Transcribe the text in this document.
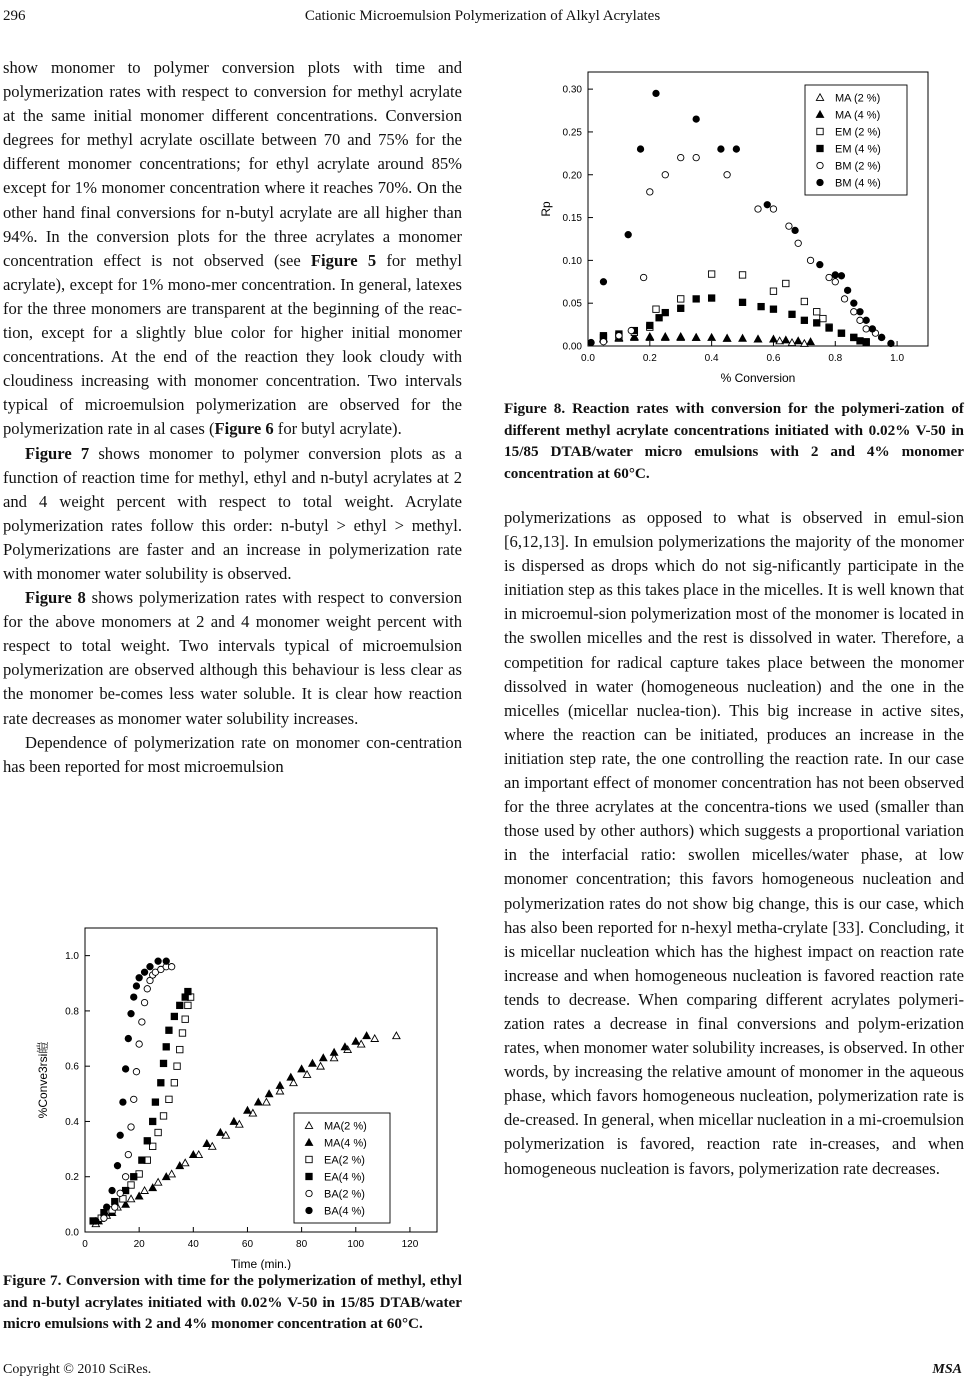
296	Cationic Microemulsion Polymerization of Alkyl Acrylates

show monomer to polymer conversion plots with time and polymerization rates with respect to conversion for methyl acrylate at the same initial monomer different concentrations. Conversion degrees for methyl acrylate oscillate between 70 and 75% for the different monomer concentrations; for ethyl acrylate around 85% except for 1% monomer concentration where it reaches 70%. On the other hand final conversions for n-butyl acrylate are all higher than 94%. In the conversion plots for the three acrylates a monomer concentration effect is not observed (see Figure 5 for methyl acrylate), except for 1% mono-mer concentration. In general, latexes for the three monomers are transparent at the beginning of the reac-tion, except for a slightly blue color for higher initial monomer concentrations. At the end of the reaction they look cloudy with cloudiness increasing with monomer concentration. Two intervals typical of microemulsion polymerization are observed for the polymerization rate in al cases (Figure 6 for butyl acrylate).

Figure 7 shows monomer to polymer conversion plots as a function of reaction time for methyl, ethyl and n-butyl acrylates at 2 and 4 weight percent with respect to total weight. Acrylate polymerization rates follow this order: n-butyl > ethyl > methyl. Polymerizations are faster and an increase in polymerization rate with monomer water solubility is observed.

Figure 8 shows polymerization rates with respect to conversion for the above monomers at 2 and 4 monomer weight percent with respect to total weight. Two intervals typical of microemulsion polymerization are observed although this behaviour is less clear as the monomer be-comes less water soluble. It is clear how reaction rate decreases as monomer water solubility increases.

Dependence of polymerization rate on monomer con-centration has been reported for most microemulsion

0	20	40	60	80	100	120
0.0
0.2
0.4
0.6
0.8
1.0
Time (min.)
%Conve3rsi皚
MA(2 %)
MA(4 %)
EA(2 %)
EA(4 %)
BA(2 %)
BA(4 %)
Figure 7. Conversion with time for the polymerization of methyl, ethyl and n-butyl acrylates initiated with 0.02% V-50 in 15/85 DTAB/water micro emulsions with 2 and 4% monomer concentration at 60°C.
0.0	0.2	0.4	0.6	0.8	1.0
0.00
0.05
0.10
0.15
0.20
0.25
0.30
% Conversion
Rp
MA (2 %)
MA (4 %)
EM (2 %)
EM (4 %)
BM (2 %)
BM (4 %)
Figure 8. Reaction rates with conversion for the polymeri-zation of different methyl acrylate concentrations initiated with 0.02% V-50 in 15/85 DTAB/water micro emulsions with 2 and 4% monomer concentration at 60°C.

polymerizations as opposed to what is observed in emul-sion [6,12,13]. In emulsion polymerizations the majority of the monomer is dispersed as drops which do not sig-nificantly participate in the initiation step as this takes place in the micelles. It is well known that in microemul-sion polymerization most of the monomer is located in the swollen micelles and the rest is dissolved in water. Therefore, a competition for radical capture takes place between the monomer dissolved in water (homogeneous nucleation) and the one in the micelles (micellar nuclea-tion). This big increase in active sites, where the reaction can be initiated, produces an increase in the initiation step rate, the one controlling the reaction rate. In our case an important effect of monomer concentration has not been observed for the three acrylates at the concentra-tions we used (smaller than those used by other authors) which suggests a proportional variation in the interfacial ratio: swollen micelles/water phase, at low monomer concentration; this favors homogeneous nucleation and polymerization rates do not show big change, this is our case, which has also been reported for n-hexyl metha-crylate [33]. Concluding, it is micellar nucleation which has the highest impact on reaction rate increase and when homogeneous nucleation is favored reaction rate tends to decrease. When comparing different acrylates polymeri-zation rates a decrease in final conversions and polym-erization rates, when monomer water solubility increases, is observed. In other words, by increasing the relative amount of monomer in the aqueous phase, which favors homogeneous nucleation, polymerization rate is de-creased. In general, when micellar nucleation in a mi-croemulsion polymerization is favored, reaction rate in-creases, and when homogeneous nucleation is favors, polymerization rate decreases.

Copyright © 2010 SciRes.	MSA
